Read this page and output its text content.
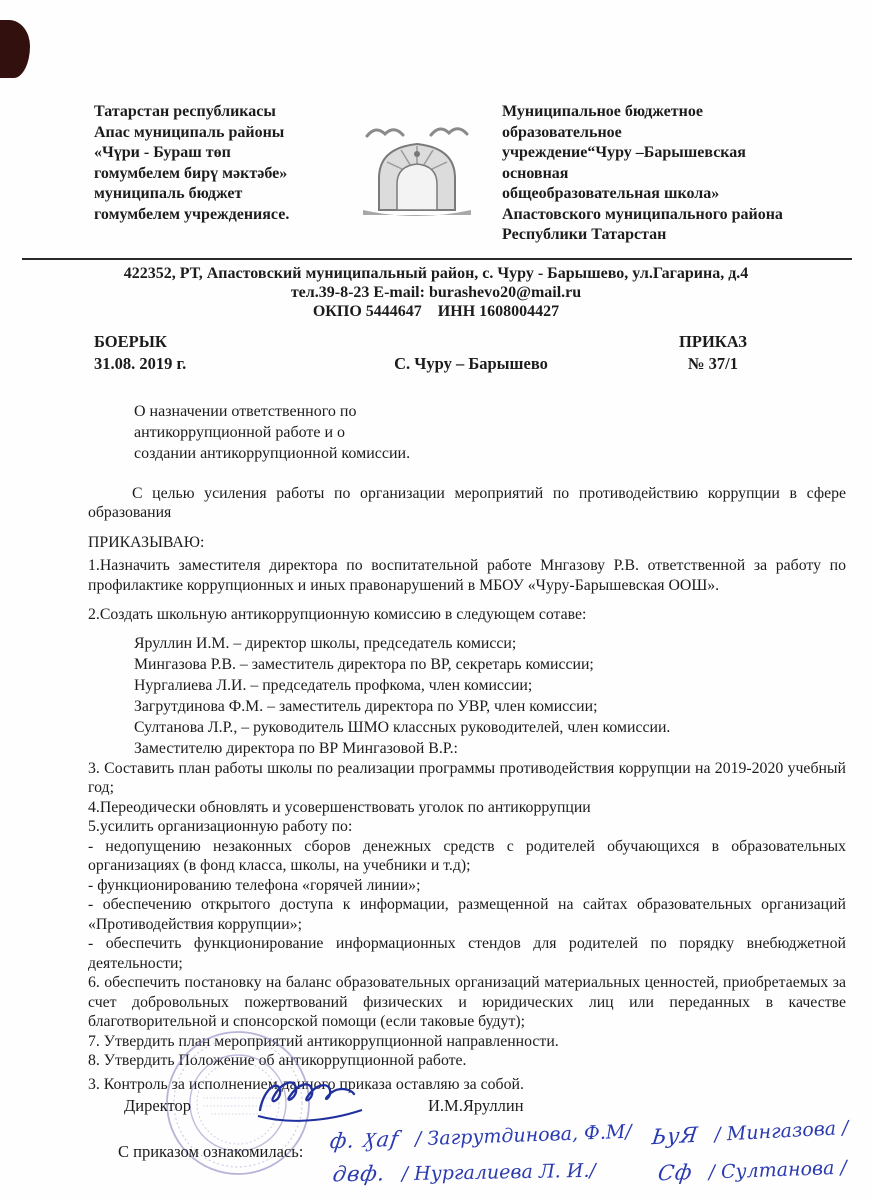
Татарстан республикасы
Апас муниципаль районы
«Чүри - Бураш төп
гомумбелем бирү мәктәбе»
муниципаль бюджет
гомумбелем учреждениясе.
Муниципальное бюджетное
образовательное
учреждение“Чуру –Барышевская
основная
общеобразовательная школа»
Апастовского муниципального района
Республики Татарстан
422352, РТ, Апастовский муниципальный район, с. Чуру - Барышево, ул.Гагарина, д.4
тел.39-8-23 E-mail: burashevo20@mail.ru
ОКПО 5444647    ИНН 1608004427
БОЕРЫК
31.08. 2019 г.	С. Чуру – Барышево
ПРИКАЗ
№ 37/1
О назначении ответственного по
антикоррупционной работе и о
создании антикоррупционной комиссии.

С целью усиления работы по организации мероприятий по противодействию коррупции в сфере образования

ПРИКАЗЫВАЮ:

1.Назначить заместителя директора по воспитательной работе Мнгазову Р.В. ответственной за работу по профилактике коррупционных и иных правонарушений в МБОУ «Чуру-Барышевская ООШ».

2.Создать школьную антикоррупционную комиссию в следующем сотаве:

Яруллин И.М. – директор школы, председатель комисси;

Мингазова Р.В. – заместитель директора по ВР, секретарь комиссии;

Нургалиева Л.И. – председатель профкома, член комиссии;

Загрутдинова Ф.М. – заместитель директора по УВР, член комиссии;

Султанова Л.Р., – руководитель ШМО классных руководителей, член комиссии.

Заместителю директора по ВР Мингазовой В.Р.:

3. Составить план работы школы по реализации программы противодействия коррупции на 2019-2020 учебный год;

4.Переодически обновлять и усовершенствовать уголок по антикоррупции

5.усилить организационную работу по:

- недопущению незаконных сборов денежных средств с родителей обучающихся в образовательных организациях (в фонд класса, школы, на учебники и т.д);

- функционированию телефона «горячей линии»;

- обеспечению открытого доступа к информации, размещенной на сайтах образовательных организаций «Противодействия коррупции»;

- обеспечить функционирование информационных стендов для родителей по порядку внебюджетной деятельности;

6. обеспечить постановку на баланс образовательных организаций материальных ценностей, приобретаемых за счет добровольных пожертвований физических и юридических лиц или переданных в качестве благотворительной и спонсорской помощи (если таковые будут);

7. Утвердить план мероприятий антикоррупционной направленности.

8. Утвердить Положение об антикоррупционной работе.

3. Контроль за исполнением данного приказа оставляю за собой.

Директор	И.М.Яруллин
С приказом ознакомилась: ф. Ӽаf / Загрутдинова, Ф.М/
двф. / Нургалиева Л. И./
ЬуЯ / Мингазова /
Сф / Султанова /
